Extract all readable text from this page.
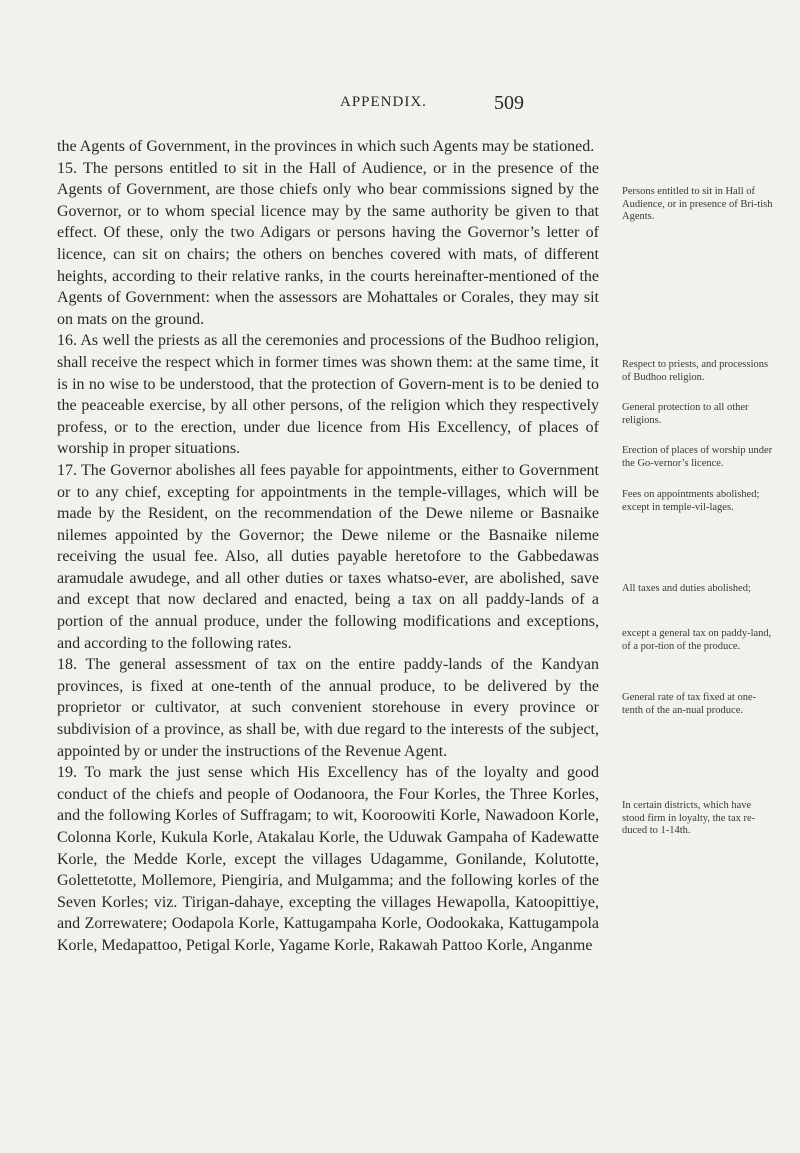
APPENDIX.	509

the Agents of Government, in the provinces in which such Agents may be stationed.

15. The persons entitled to sit in the Hall of Audience, or in the presence of the Agents of Government, are those chiefs only who bear commissions signed by the Governor, or to whom special licence may by the same authority be given to that effect. Of these, only the two Adigars or persons having the Governor’s letter of licence, can sit on chairs; the others on benches covered with mats, of different heights, according to their relative ranks, in the courts hereinafter-mentioned of the Agents of Government: when the assessors are Mohattales or Corales, they may sit on mats on the ground.

16. As well the priests as all the ceremonies and processions of the Budhoo religion, shall receive the respect which in former times was shown them: at the same time, it is in no wise to be understood, that the protection of Govern-ment is to be denied to the peaceable exercise, by all other persons, of the religion which they respectively profess, or to the erection, under due licence from His Excellency, of places of worship in proper situations.

17. The Governor abolishes all fees payable for appointments, either to Government or to any chief, excepting for appointments in the temple-villages, which will be made by the Resident, on the recommendation of the Dewe nileme or Basnaike nilemes appointed by the Governor; the Dewe nileme or the Basnaike nileme receiving the usual fee. Also, all duties payable heretofore to the Gabbedawas aramudale awudege, and all other duties or taxes whatso-ever, are abolished, save and except that now declared and enacted, being a tax on all paddy-lands of a portion of the annual produce, under the following modifications and exceptions, and according to the following rates.

18. The general assessment of tax on the entire paddy-lands of the Kandyan provinces, is fixed at one-tenth of the annual produce, to be delivered by the proprietor or cultivator, at such convenient storehouse in every province or subdivision of a province, as shall be, with due regard to the interests of the subject, appointed by or under the instructions of the Revenue Agent.

19. To mark the just sense which His Excellency has of the loyalty and good conduct of the chiefs and people of Oodanoora, the Four Korles, the Three Korles, and the following Korles of Suffragam; to wit, Kooroowiti Korle, Nawadoon Korle, Colonna Korle, Kukula Korle, Atakalau Korle, the Uduwak Gampaha of Kadewatte Korle, the Medde Korle, except the villages Udagamme, Gonilande, Kolutotte, Golettetotte, Mollemore, Piengiria, and Mulgamma; and the following korles of the Seven Korles; viz. Tirigan-dahaye, excepting the villages Hewapolla, Katoopittiye, and Zorrewatere; Oodapola Korle, Kattugampaha Korle, Oodookaka, Kattugampola Korle, Medapattoo, Petigal Korle, Yagame Korle, Rakawah Pattoo Korle, Anganme

Persons entitled to sit in Hall of Audience, or in presence of Bri-tish Agents.
Respect to priests, and processions of Budhoo religion.
General protection to all other religions.
Erection of places of worship under the Go-vernor’s licence.
Fees on appointments abolished; except in temple-vil-lages.
All taxes and duties abolished;
except a general tax on paddy-land, of a por-tion of the produce.
General rate of tax fixed at one-tenth of the an-nual produce.
In certain districts, which have stood firm in loyalty, the tax re-duced to 1-14th.
